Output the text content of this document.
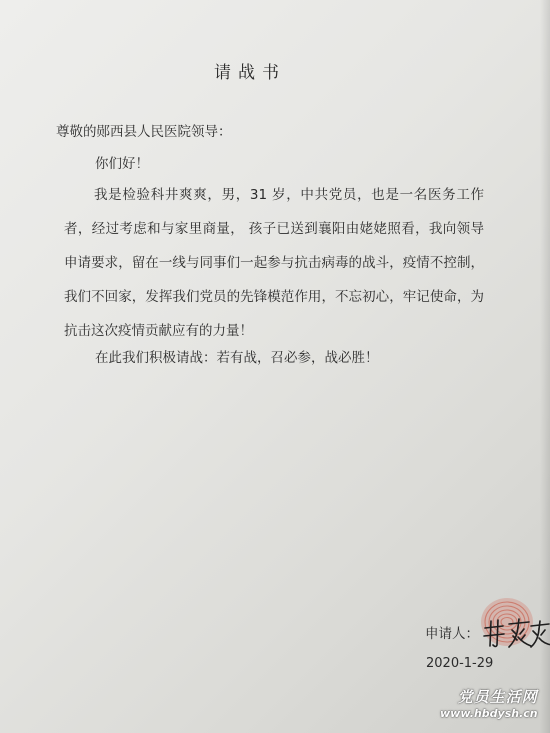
请战书
尊敬的郧西县人民医院领导：
你们好！

我是检验科井爽爽，男，31 岁，中共党员，也是一名医务工作者，经过考虑和与家里商量， 孩子已送到襄阳由姥姥照看，我向领导申请要求，留在一线与同事们一起参与抗击病毒的战斗，疫情不控制，我们不回家，发挥我们党员的先锋模范作用，不忘初心，牢记使命，为抗击这次疫情贡献应有的力量！

在此我们积极请战：若有战，召必参，战必胜！
申请人：
2020-1-29
党员生活网
www.hbdysh.cn
